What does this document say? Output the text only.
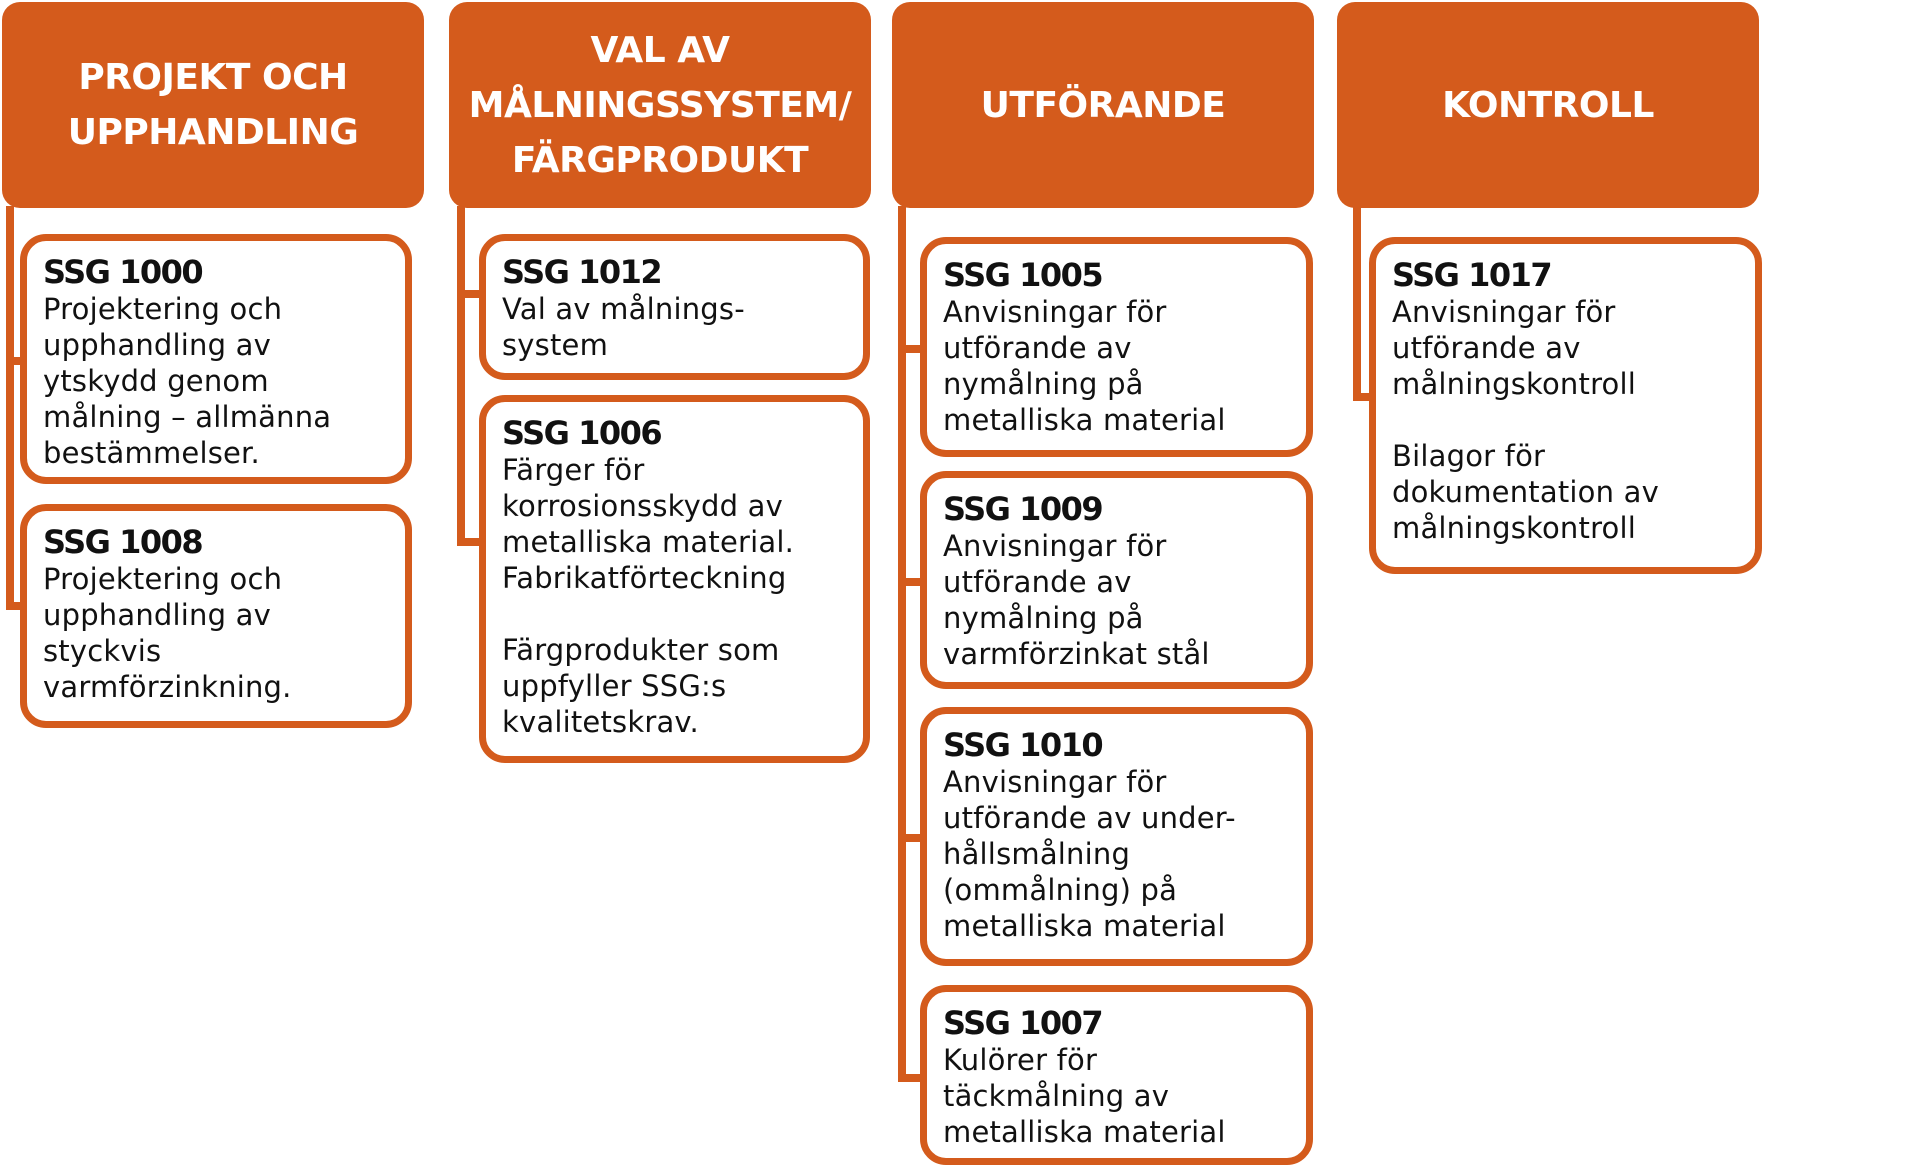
PROJEKT OCH
UPPHANDLING
SSG 1000
Projektering och
upphandling av
ytskydd genom
målning – allmänna
bestämmelser.
SSG 1008
Projektering och
upphandling av
styckvis
varmförzinkning.
VAL AV
MÅLNINGSSYSTEM/
FÄRGPRODUKT
SSG 1012
Val av målnings-
system
SSG 1006
Färger för
korrosionsskydd av
metalliska material.
Fabrikatförteckning

Färgprodukter som
uppfyller SSG:s
kvalitetskrav.
UTFÖRANDE
SSG 1005
Anvisningar för
utförande av
nymålning på
metalliska material
SSG 1009
Anvisningar för
utförande av
nymålning på
varmförzinkat stål
SSG 1010
Anvisningar för
utförande av under-
hållsmålning
(ommålning) på
metalliska material
SSG 1007
Kulörer för
täckmålning av
metalliska material
KONTROLL
SSG 1017
Anvisningar för
utförande av
målningskontroll

Bilagor för
dokumentation av
målningskontroll
